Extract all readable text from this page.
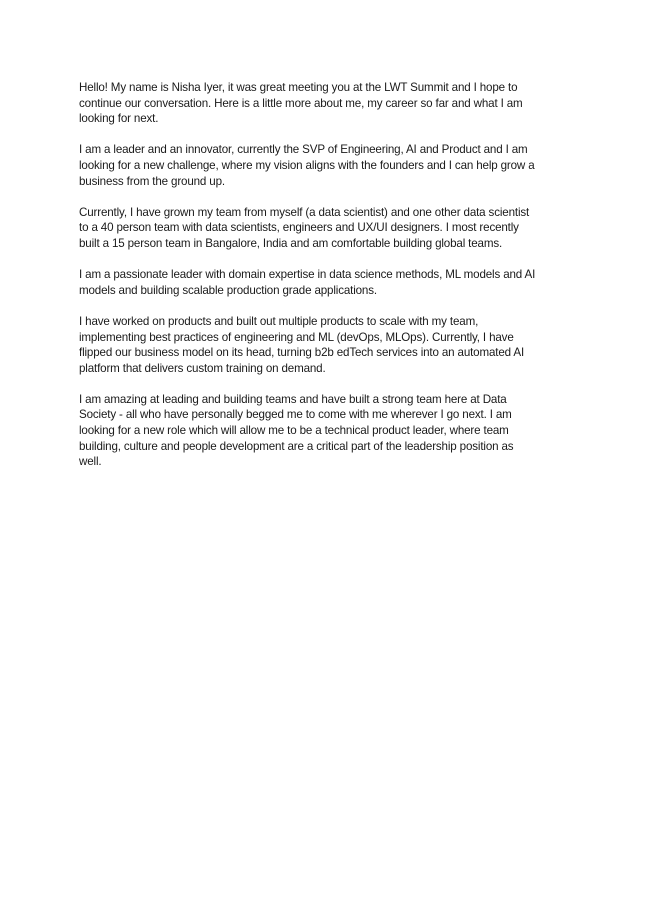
Hello! My name is Nisha Iyer, it was great meeting you at the LWT Summit and I hope to
continue our conversation. Here is a little more about me, my career so far and what I am
looking for next.

I am a leader and an innovator, currently the SVP of Engineering, AI and Product and I am
looking for a new challenge, where my vision aligns with the founders and I can help grow a
business from the ground up.

Currently, I have grown my team from myself (a data scientist) and one other data scientist
to a 40 person team with data scientists, engineers and UX/UI designers. I most recently
built a 15 person team in Bangalore, India and am comfortable building global teams.

I am a passionate leader with domain expertise in data science methods, ML models and AI
models and building scalable production grade applications.

I have worked on products and built out multiple products to scale with my team,
implementing best practices of engineering and ML (devOps, MLOps). Currently, I have
flipped our business model on its head, turning b2b edTech services into an automated AI
platform that delivers custom training on demand.

I am amazing at leading and building teams and have built a strong team here at Data
Society - all who have personally begged me to come with me wherever I go next. I am
looking for a new role which will allow me to be a technical product leader, where team
building, culture and people development are a critical part of the leadership position as
well.
